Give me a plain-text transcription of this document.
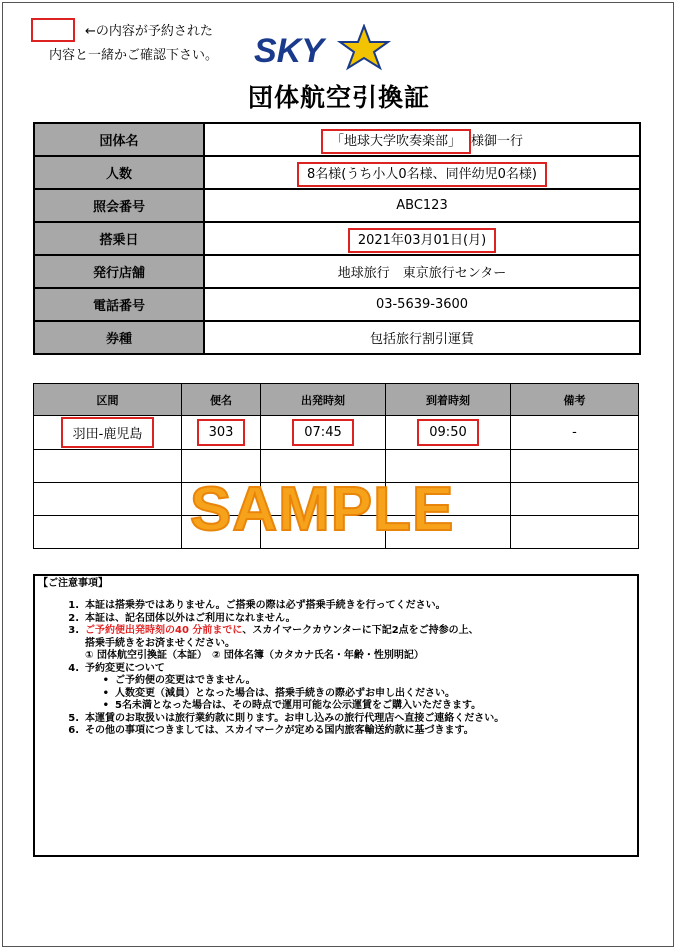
←の内容が予約された
内容と一緒かご確認下さい。 SKY
団体航空引換証
団体名	「地球大学吹奏楽部」 様御一行
人数	8名様(うち小人0名様、同伴幼児0名様)
照会番号	ABC123
搭乗日	2021年03月01日(月)
発行店舗	地球旅行　東京旅行センター
電話番号	03-5639-3600
券種	包括旅行割引運賃
区間	便名	出発時刻	到着時刻	備考
羽田-鹿児島	303	07:45	09:50	-

SAMPLE
【ご注意事項】
1. 本証は搭乗券ではありません。ご搭乗の際は必ず搭乗手続きを行ってください。
2. 本証は、記名団体以外はご利用になれません。
3. ご予約便出発時刻の40 分前までに、スカイマークカウンターに下記2点をご持参の上、
搭乗手続きをお済ませください。
① 団体航空引換証（本証）　② 団体名簿（カタカナ氏名・年齢・性別明記）
4. 予約変更について
• ご予約便の変更はできません。
• 人数変更（減員）となった場合は、搭乗手続きの際必ずお申し出ください。
• 5名未満となった場合は、その時点で運用可能な公示運賃をご購入いただきます。
5. 本運賃のお取扱いは旅行業約款に則ります。お申し込みの旅行代理店へ直接ご連絡ください。
6. その他の事項につきましては、スカイマークが定める国内旅客輸送約款に基づきます。
